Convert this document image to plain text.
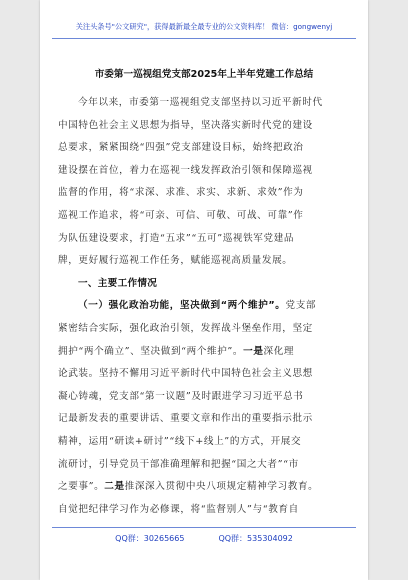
关注头条号"公文研究"，获得最新最全最专业的公文资料库！ 微信：gongwenyj
市委第一巡视组党支部2025年上半年党建工作总结
今年以来，市委第一巡视组党支部坚持以习近平新时代
中国特色社会主义思想为指导，坚决落实新时代党的建设
总要求，紧紧围绕“四强”党支部建设目标，始终把政治
建设摆在首位，着力在巡视一线发挥政治引领和保障巡视
监督的作用，将“求深、求准、求实、求新、求效”作为
巡视工作追求，将“可亲、可信、可敬、可战、可靠”作
为队伍建设要求，打造“五求”“五可”巡视铁军党建品
牌，更好履行巡视工作任务，赋能巡视高质量发展。
一、主要工作情况
（一）强化政治功能，坚决做到“两个维护”。党支部
紧密结合实际，强化政治引领，发挥战斗堡垒作用，坚定
拥护“两个确立”、坚决做到“两个维护”。一是深化理
论武装。坚持不懈用习近平新时代中国特色社会主义思想
凝心铸魂，党支部“第一议题”及时跟进学习习近平总书
记最新发表的重要讲话、重要文章和作出的重要指示批示
精神，运用“研读+研讨”“线下+线上”的方式，开展交
流研讨，引导党员干部准确理解和把握“国之大者”“市
之要事”。二是推深深入贯彻中央八项规定精神学习教育。
自觉把纪律学习作为必修课，将“监督别人”与“教育自
QQ群：30265665	QQ群：535304092
